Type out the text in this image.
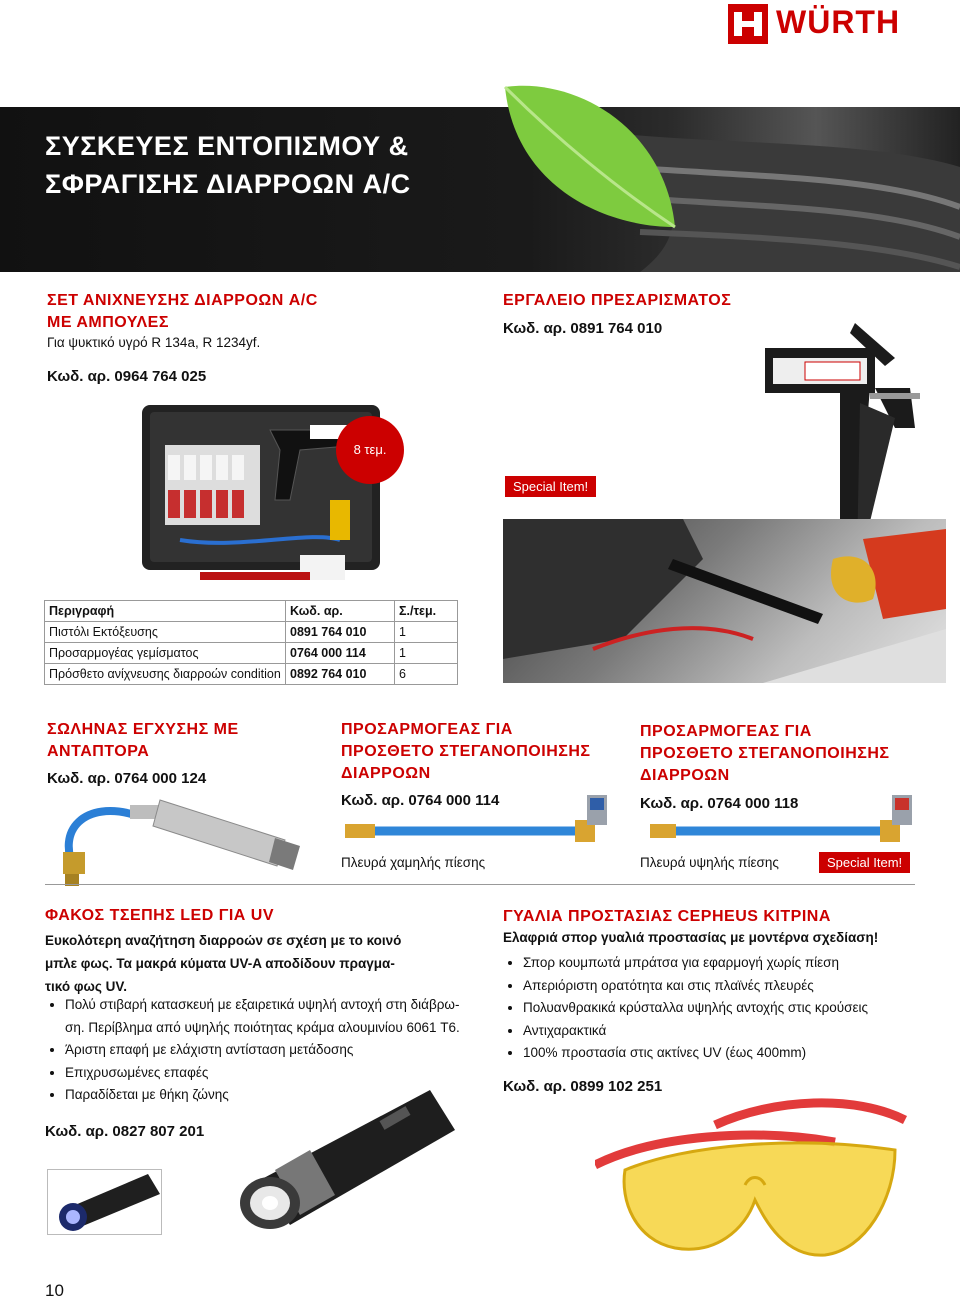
WÜRTH
ΣΥΣΚΕΥΕΣ ΕΝΤΟΠΙΣΜΟΥ &
ΣΦΡΑΓΙΣΗΣ ΔΙΑΡΡΟΩΝ A/C
ΣΕΤ ΑΝΙΧΝΕΥΣΗΣ ΔΙΑΡΡΟΩΝ A/C
ΜΕ ΑΜΠΟΥΛΕΣ
Για ψυκτικό υγρό R 134a, R 1234yf.
Κωδ. αρ. 0964 764 025
8 τεμ.
Περιγραφή	Κωδ. αρ.	Σ./τεμ.
Πιστόλι Εκτόξευσης	0891 764 010	1
Προσαρμογέας γεμίσματος	0764 000 114	1
Πρόσθετο ανίχνευσης διαρροών condition	0892 764 010	6
ΕΡΓΑΛΕΙΟ ΠΡΕΣΑΡΙΣΜΑΤΟΣ
Κωδ. αρ. 0891 764 010
Special Item!
ΣΩΛΗΝΑΣ ΕΓΧΥΣΗΣ ΜΕ
ΑΝΤΑΠΤΟΡΑ
Κωδ. αρ. 0764 000 124
ΠΡΟΣΑΡΜΟΓΕΑΣ ΓΙΑ
ΠΡΟΣΘΕΤΟ ΣΤΕΓΑΝΟΠΟΙΗΣΗΣ
ΔΙΑΡΡΟΩΝ
Κωδ. αρ. 0764 000 114
Πλευρά χαμηλής πίεσης
ΠΡΟΣΑΡΜΟΓΕΑΣ ΓΙΑ
ΠΡΟΣΘΕΤΟ ΣΤΕΓΑΝΟΠΟΙΗΣΗΣ
ΔΙΑΡΡΟΩΝ
Κωδ. αρ. 0764 000 118
Πλευρά υψηλής πίεσης	Special Item!
ΦΑΚΟΣ ΤΣΕΠΗΣ LED ΓΙΑ UV
Ευκολότερη αναζήτηση διαρροών σε σχέση με το κοινό
μπλε φως. Τα μακρά κύματα UV-A αποδίδουν πραγμα-
τικό φως UV.
• Πολύ στιβαρή κατασκευή με εξαιρετικά υψηλή αντοχή στη διάβρω-
ση. Περίβλημα από υψηλής ποιότητας κράμα αλουμινίου 6061 T6.
• Άριστη επαφή με ελάχιστη αντίσταση μετάδοσης
• Επιχρυσωμένες επαφές
• Παραδίδεται με θήκη ζώνης
Κωδ. αρ. 0827 807 201
ΓΥΑΛΙΑ ΠΡΟΣΤΑΣΙΑΣ CEPHEUS ΚΙΤΡΙΝΑ
Ελαφριά σπορ γυαλιά προστασίας με μοντέρνα σχεδίαση!
• Σπορ κουμπωτά μπράτσα για εφαρμογή χωρίς πίεση
• Απεριόριστη ορατότητα και στις πλαϊνές πλευρές
• Πολυανθρακικά κρύσταλλα υψηλής αντοχής στις κρούσεις
• Αντιχαρακτικά
• 100% προστασία στις ακτίνες UV (έως 400mm)
Κωδ. αρ. 0899 102 251
10
